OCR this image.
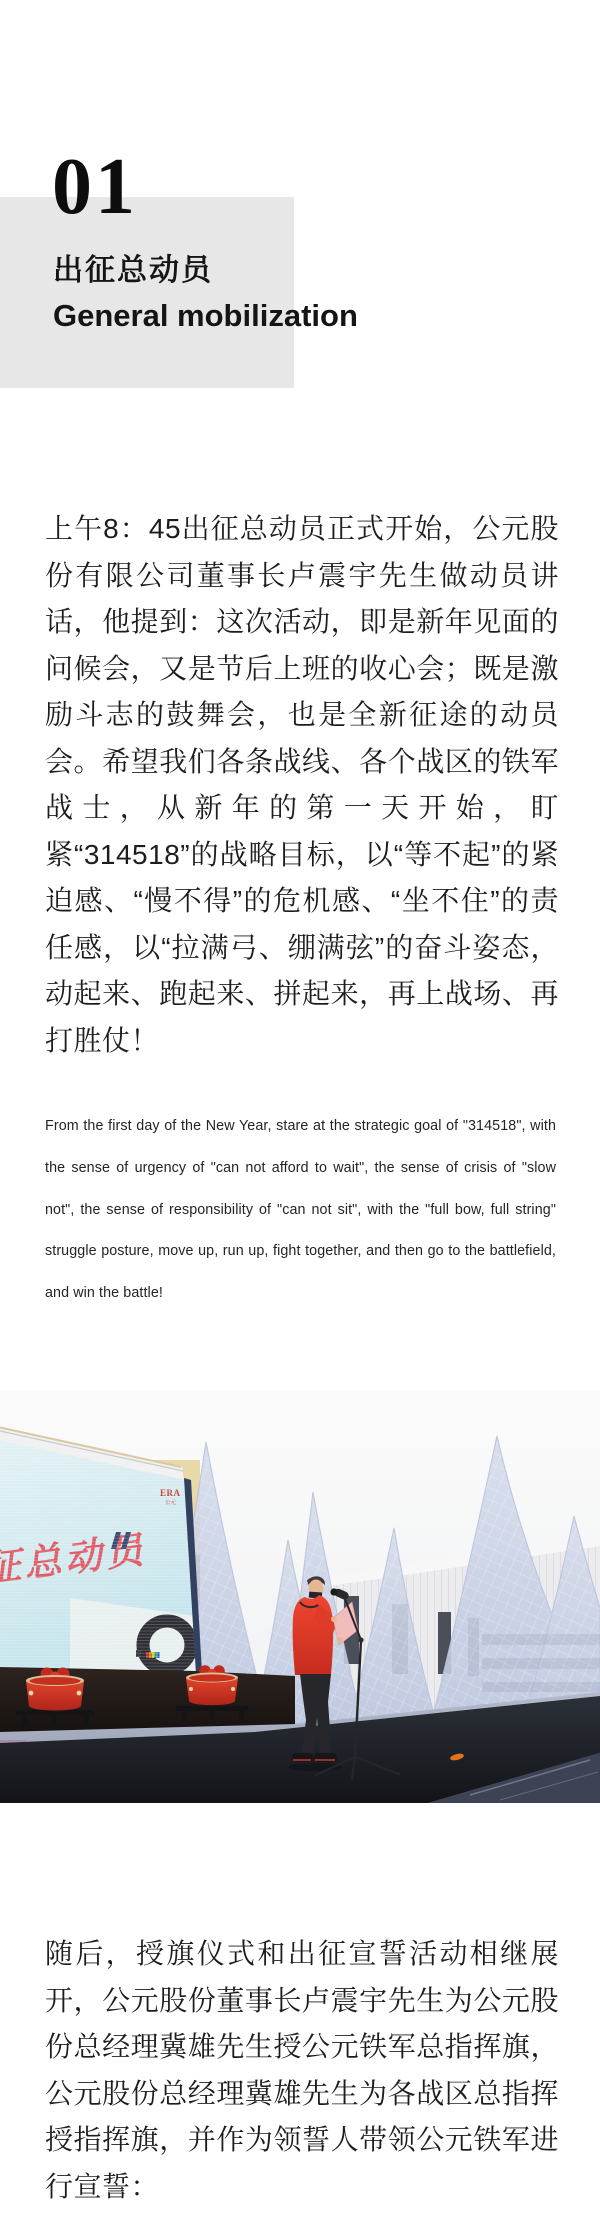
01
出征总动员
General mobilization

上午8：45出征总动员正式开始，公元股份有限公司董事长卢震宇先生做动员讲话，他提到：这次活动，即是新年见面的问候会，又是节后上班的收心会；既是激励斗志的鼓舞会，也是全新征途的动员会。希望我们各条战线、各个战区的铁军战士，从新年的第一天开始，盯紧“314518”的战略目标，以“等不起”的紧迫感、“慢不得”的危机感、“坐不住”的责任感，以“拉满弓、绷满弦”的奋斗姿态，动起来、跑起来、拼起来，再上战场、再打胜仗！

From the first day of the New Year, stare at the strategic goal of "314518", with the sense of urgency of "can not afford to wait", the sense of crisis of "slow not", the sense of responsibility of "can not sit", with the "full bow, full string" struggle posture, move up, run up, fight together, and then go to the battlefield, and win the battle!

随后，授旗仪式和出征宣誓活动相继展开，公元股份董事长卢震宇先生为公元股份总经理冀雄先生授公元铁军总指挥旗，公元股份总经理冀雄先生为各战区总指挥授指挥旗，并作为领誓人带领公元铁军进行宣誓：
